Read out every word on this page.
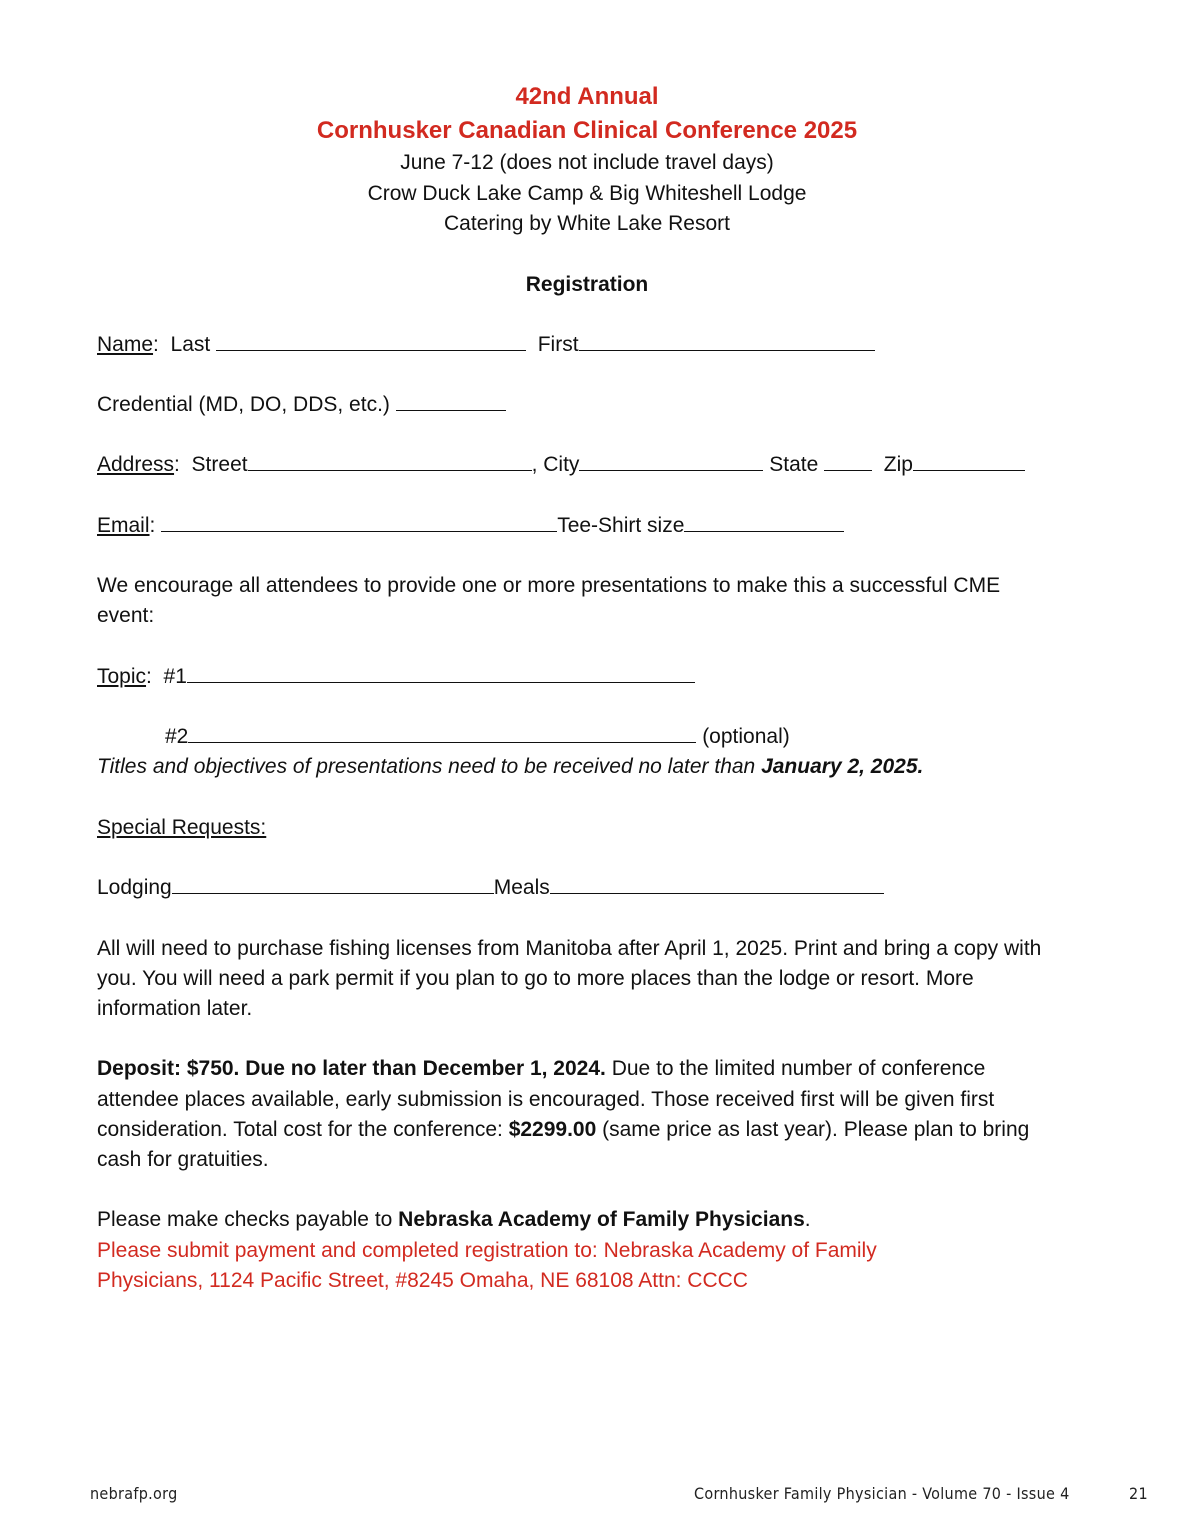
42nd Annual
Cornhusker Canadian Clinical Conference 2025
June 7-12 (does not include travel days)
Crow Duck Lake Camp & Big Whiteshell Lodge
Catering by White Lake Resort
Registration
Name:  Last	First
Credential (MD, DO, DDS, etc.)
Address:  Street	, City	State   Zip
Email:	Tee-Shirt size
We encourage all attendees to provide one or more presentations to make this a successful CME event:
Topic:  #1
#2	(optional)
Titles and objectives of presentations need to be received no later than January 2, 2025.
Special Requests:
Lodging	Meals
All will need to purchase fishing licenses from Manitoba after April 1, 2025. Print and bring a copy with you. You will need a park permit if you plan to go to more places than the lodge or resort. More information later.
Deposit: $750. Due no later than December 1, 2024. Due to the limited number of conference attendee places available, early submission is encouraged. Those received first will be given first consideration. Total cost for the conference: $2299.00 (same price as last year). Please plan to bring cash for gratuities.
Please make checks payable to Nebraska Academy of Family Physicians.
Please submit payment and completed registration to: Nebraska Academy of Family Physicians, 1124 Pacific Street, #8245 Omaha, NE 68108 Attn: CCCC
nebrafp.org	Cornhusker Family Physician - Volume 70 - Issue 4	21
